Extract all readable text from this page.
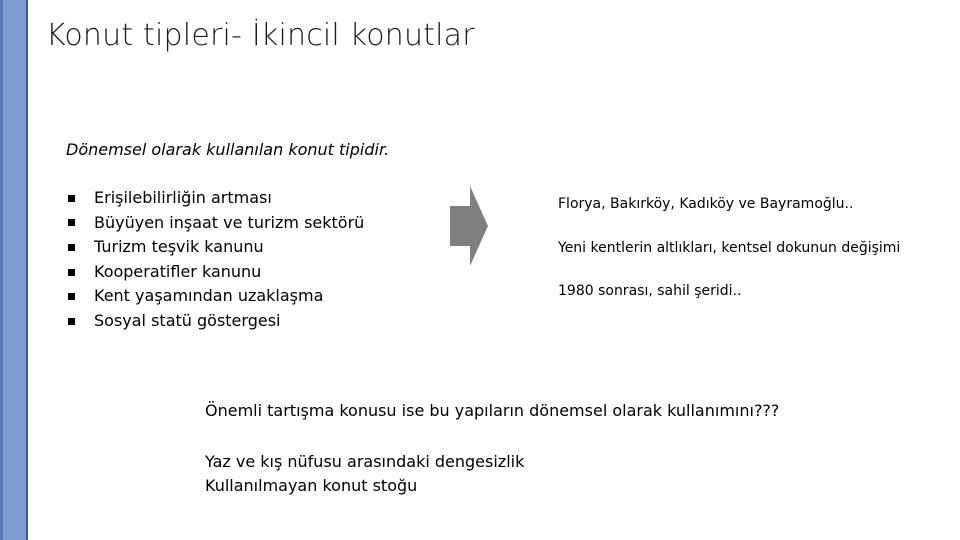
Konut tipleri- İkincil konutlar
Dönemsel olarak kullanılan konut tipidir.
Erişilebilirliğin artması
Büyüyen inşaat ve turizm sektörü
Turizm teşvik kanunu
Kooperatifler kanunu
Kent yaşamından uzaklaşma
Sosyal statü göstergesi
Florya, Bakırköy, Kadıköy ve Bayramoğlu..
Yeni kentlerin altlıkları, kentsel dokunun değişimi
1980 sonrası, sahil şeridi..
Önemli tartışma konusu ise bu yapıların dönemsel olarak kullanımını???
Yaz ve kış nüfusu arasındaki dengesizlik
Kullanılmayan konut stoğu
